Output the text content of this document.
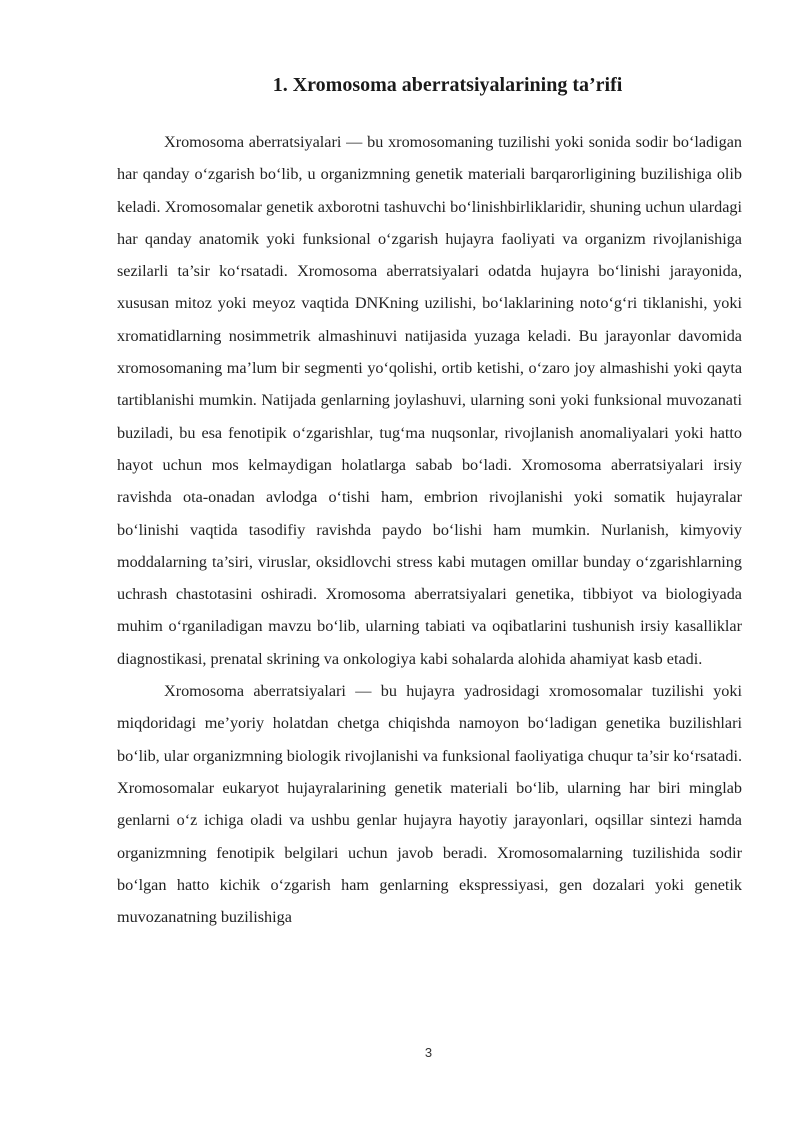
1. Xromosoma aberratsiyalarining ta’rifi

Xromosoma aberratsiyalari — bu xromosomaning tuzilishi yoki sonida sodir bo‘ladigan har qanday o‘zgarish bo‘lib, u organizmning genetik materiali barqarorligining buzilishiga olib keladi. Xromosomalar genetik axborotni tashuvchi bo‘linishbirliklaridir, shuning uchun ulardagi har qanday anatomik yoki funksional o‘zgarish hujayra faoliyati va organizm rivojlanishiga sezilarli ta’sir ko‘rsatadi. Xromosoma aberratsiyalari odatda hujayra bo‘linishi jarayonida, xususan mitoz yoki meyoz vaqtida DNKning uzilishi, bo‘laklarining noto‘g‘ri tiklanishi, yoki xromatidlarning nosimmetrik almashinuvi natijasida yuzaga keladi. Bu jarayonlar davomida xromosomaning ma’lum bir segmenti yo‘qolishi, ortib ketishi, o‘zaro joy almashishi yoki qayta tartiblanishi mumkin. Natijada genlarning joylashuvi, ularning soni yoki funksional muvozanati buziladi, bu esa fenotipik o‘zgarishlar, tug‘ma nuqsonlar, rivojlanish anomaliyalari yoki hatto hayot uchun mos kelmaydigan holatlarga sabab bo‘ladi. Xromosoma aberratsiyalari irsiy ravishda ota-onadan avlodga o‘tishi ham, embrion rivojlanishi yoki somatik hujayralar bo‘linishi vaqtida tasodifiy ravishda paydo bo‘lishi ham mumkin. Nurlanish, kimyoviy moddalarning ta’siri, viruslar, oksidlovchi stress kabi mutagen omillar bunday o‘zgarishlarning uchrash chastotasini oshiradi. Xromosoma aberratsiyalari genetika, tibbiyot va biologiyada muhim o‘rganiladigan mavzu bo‘lib, ularning tabiati va oqibatlarini tushunish irsiy kasalliklar diagnostikasi, prenatal skrining va onkologiya kabi sohalarda alohida ahamiyat kasb etadi.

Xromosoma aberratsiyalari — bu hujayra yadrosidagi xromosomalar tuzilishi yoki miqdoridagi me’yoriy holatdan chetga chiqishda namoyon bo‘ladigan genetika buzilishlari bo‘lib, ular organizmning biologik rivojlanishi va funksional faoliyatiga chuqur ta’sir ko‘rsatadi. Xromosomalar eukaryot hujayralarining genetik materiali bo‘lib, ularning har biri minglab genlarni o‘z ichiga oladi va ushbu genlar hujayra hayotiy jarayonlari, oqsillar sintezi hamda organizmning fenotipik belgilari uchun javob beradi. Xromosomalarning tuzilishida sodir bo‘lgan hatto kichik o‘zgarish ham genlarning ekspressiyasi, gen dozalari yoki genetik muvozanatning buzilishiga

3
